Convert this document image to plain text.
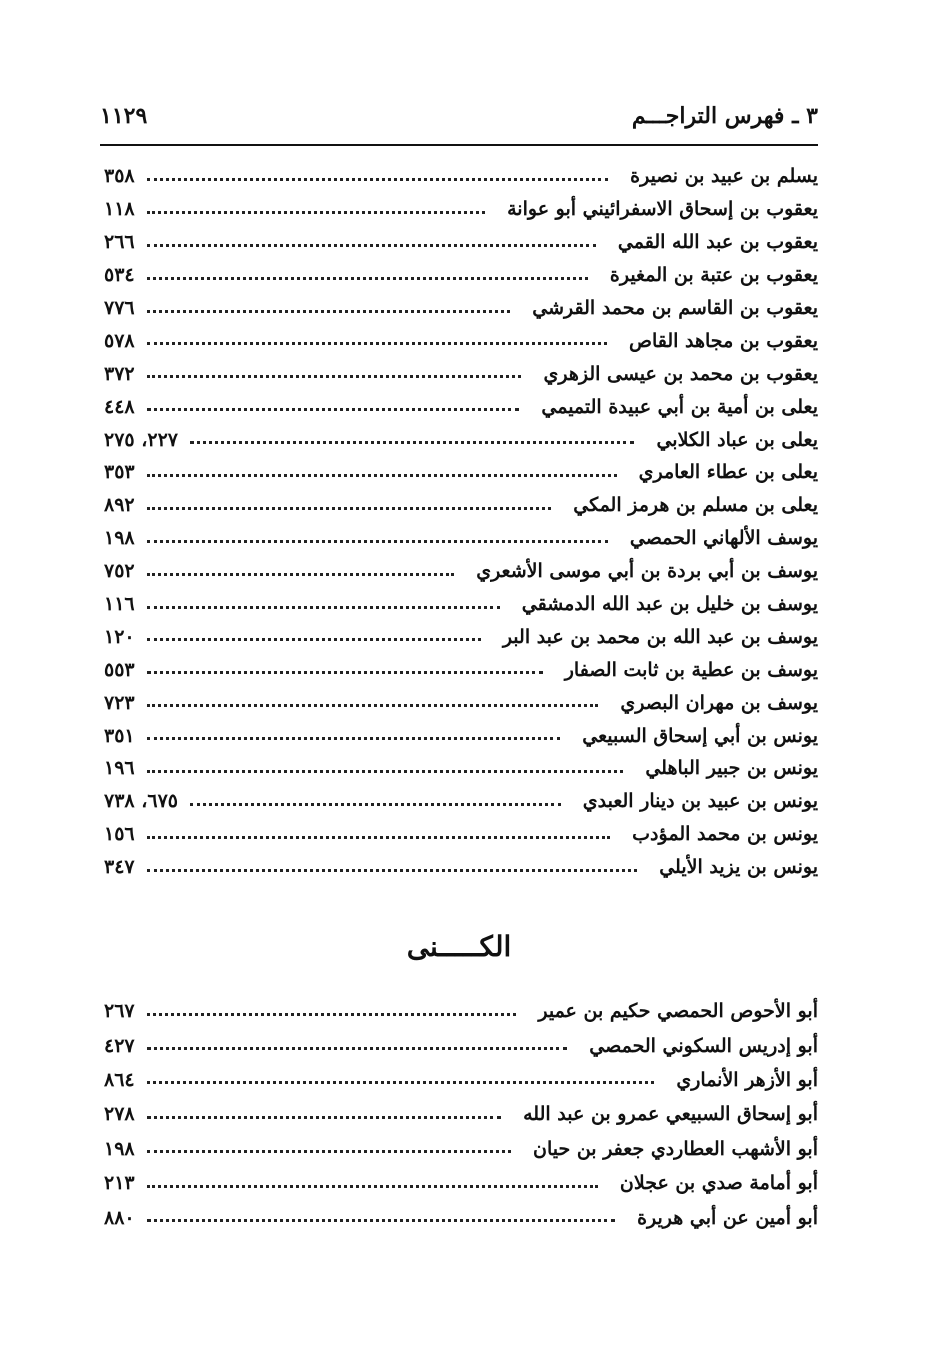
٣ ـ فهرس التراجـــم
١١٢٩
يسلم بن عبيد بن نصيرة
٣٥٨
يعقوب بن إسحاق الاسفرائيني أبو عوانة
١١٨
يعقوب بن عبد الله القمي
٢٦٦
يعقوب بن عتبة بن المغيرة
٥٣٤
يعقوب بن القاسم بن محمد القرشي
٧٧٦
يعقوب بن مجاهد القاص
٥٧٨
يعقوب بن محمد بن عيسى الزهري
٣٧٢
يعلى بن أمية بن أبي عبيدة التميمي
٤٤٨
يعلى بن عباد الكلابي
٢٢٧، ٢٧٥
يعلى بن عطاء العامري
٣٥٣
يعلى بن مسلم بن هرمز المكي
٨٩٢
يوسف الألهاني الحمصي
١٩٨
يوسف بن أبي بردة بن أبي موسى الأشعري
٧٥٢
يوسف بن خليل بن عبد الله الدمشقي
١١٦
يوسف بن عبد الله بن محمد بن عبد البر
١٢٠
يوسف بن عطية بن ثابت الصفار
٥٥٣
يوسف بن مهران البصري
٧٢٣
يونس بن أبي إسحاق السبيعي
٣٥١
يونس بن جبير الباهلي
١٩٦
يونس بن عبيد بن دينار العبدي
٦٧٥، ٧٣٨
يونس بن محمد المؤدب
١٥٦
يونس بن يزيد الأيلي
٣٤٧
الكـــــنى
أبو الأحوص الحمصي حكيم بن عمير
٢٦٧
أبو إدريس السكوني الحمصي
٤٢٧
أبو الأزهر الأنماري
٨٦٤
أبو إسحاق السبيعي عمرو بن عبد الله
٢٧٨
أبو الأشهب العطاردي جعفر بن حيان
١٩٨
أبو أمامة صدي بن عجلان
٢١٣
أبو أمين عن أبي هريرة
٨٨٠
